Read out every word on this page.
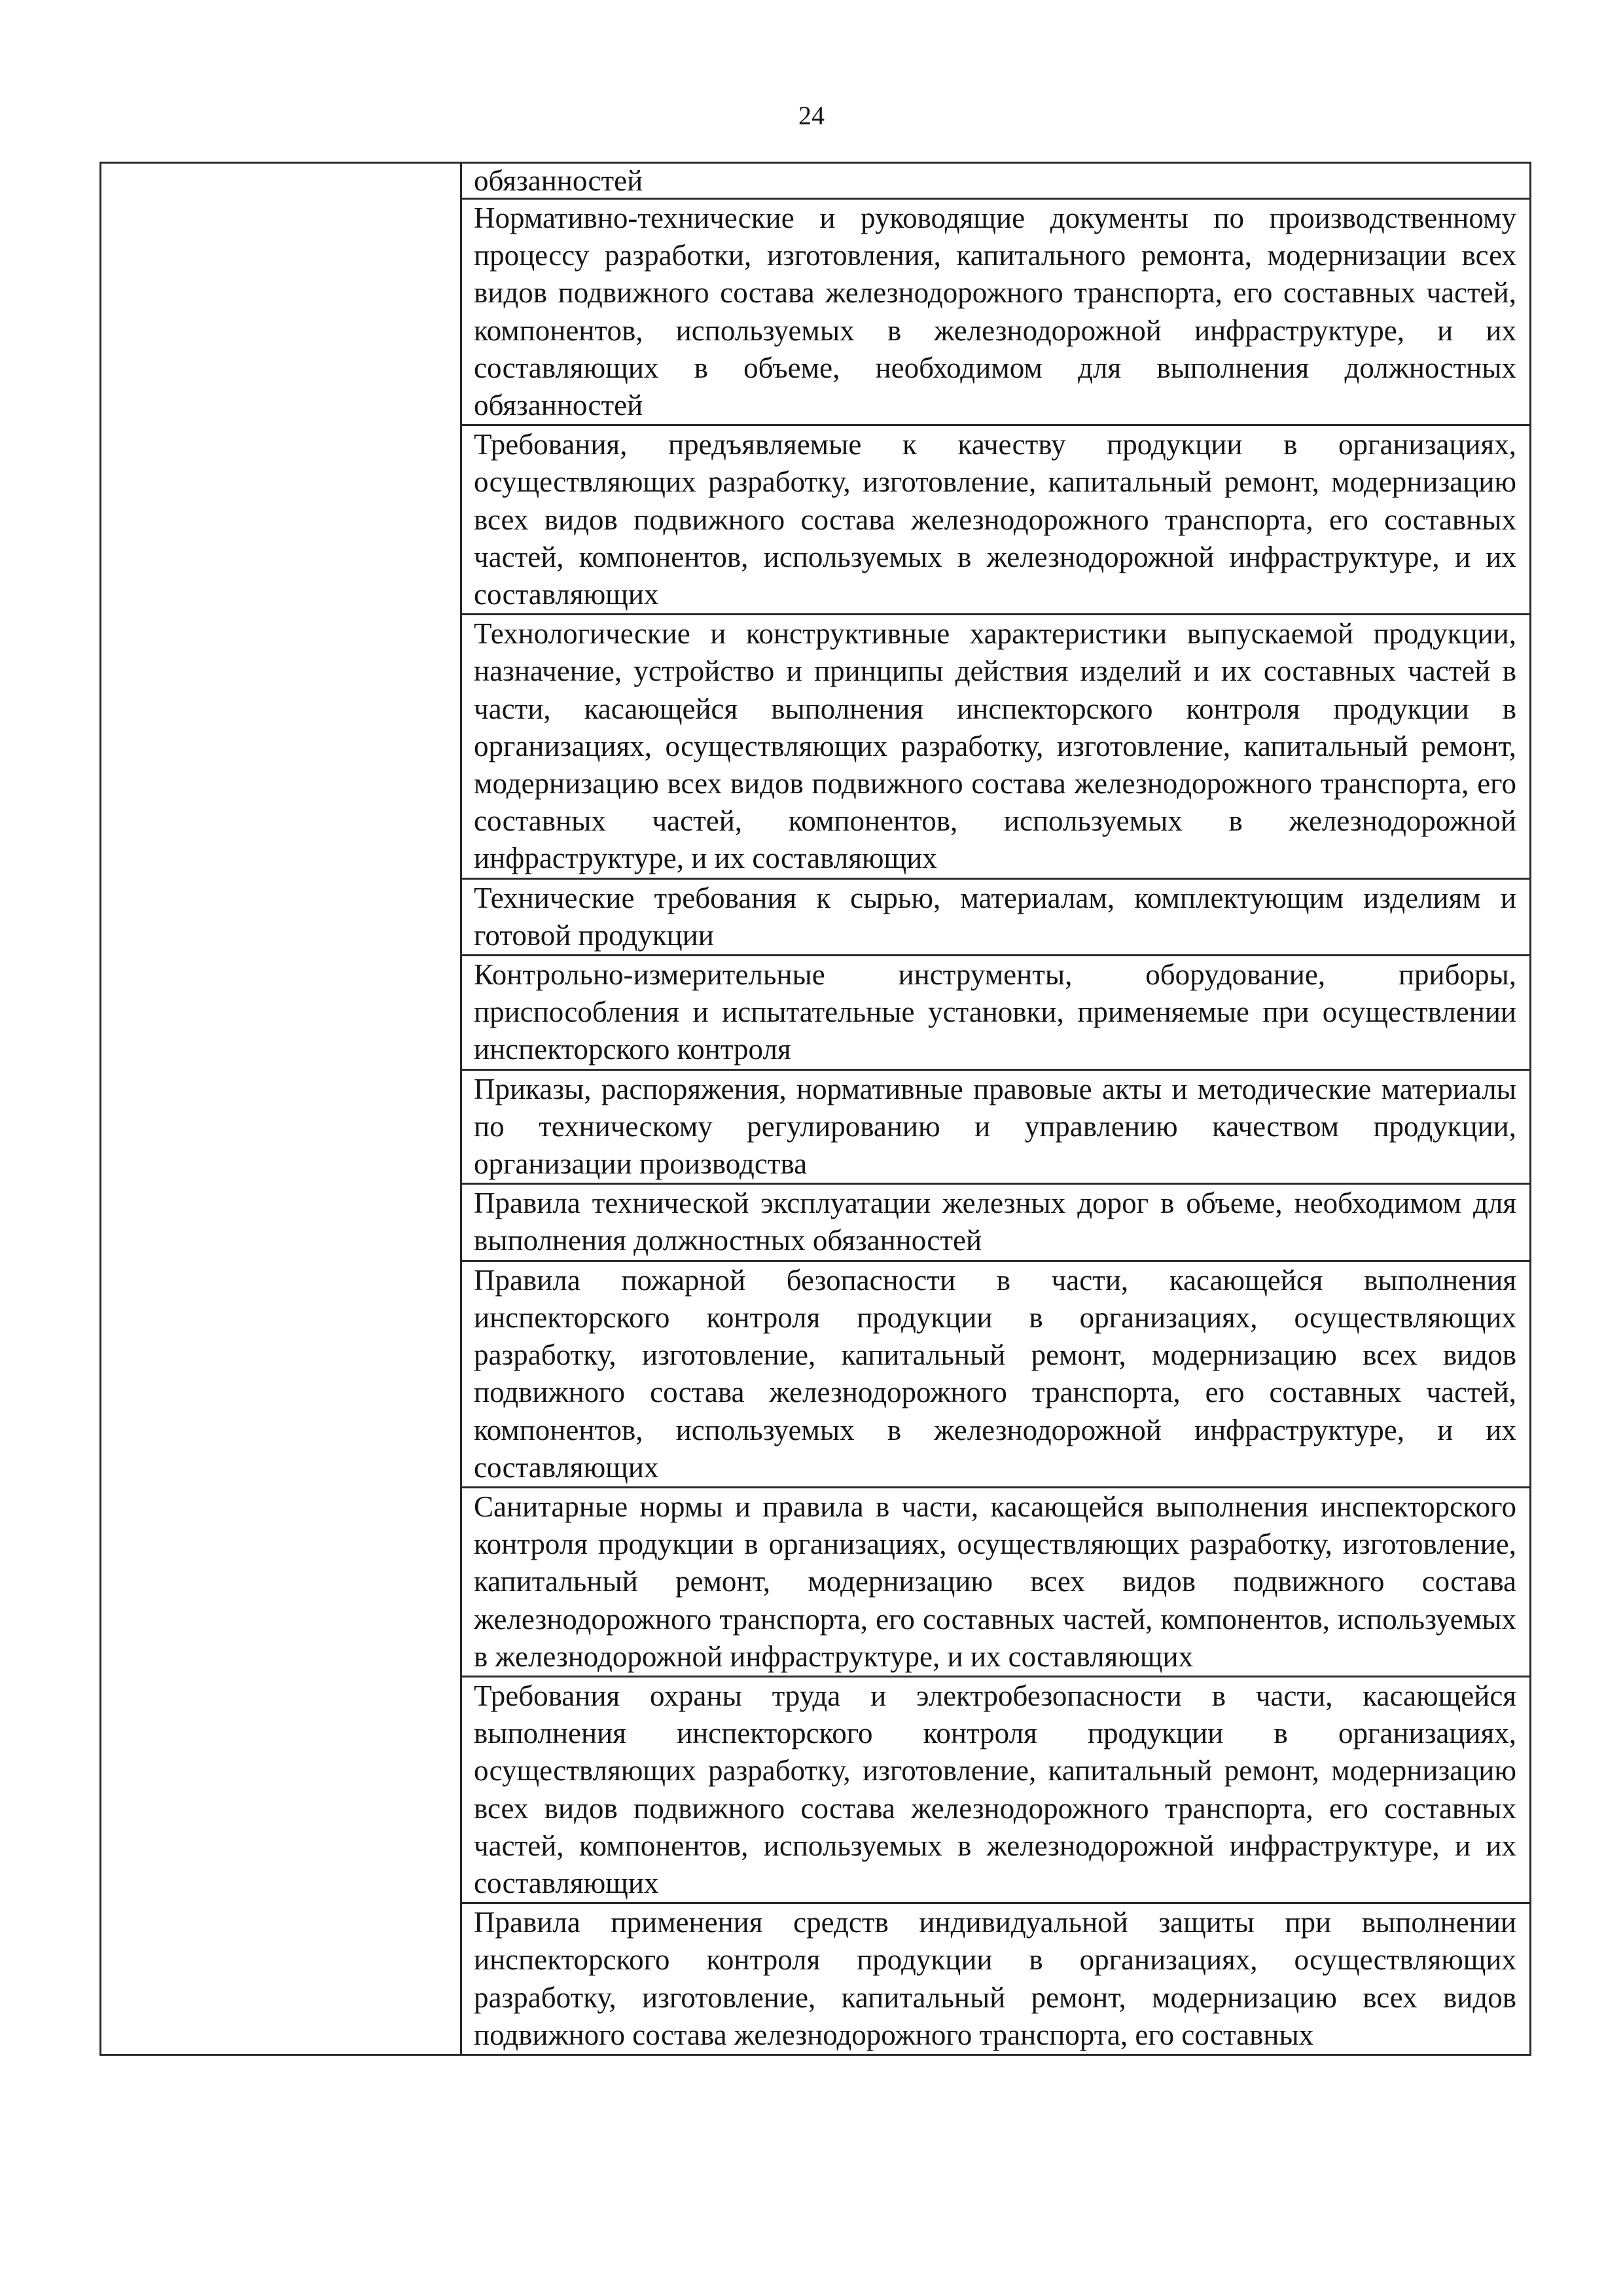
24

обязанностей

Нормативно-технические и руководящие документы по производственному процессу разработки, изготовления, капитального ремонта, модернизации всех видов подвижного состава железнодорожного транспорта, его составных частей, компонентов, используемых в железнодорожной инфраструктуре, и их составляющих в объеме, необходимом для выполнения должностных обязанностей

Требования, предъявляемые к качеству продукции в организациях, осуществляющих разработку, изготовление, капитальный ремонт, модернизацию всех видов подвижного состава железнодорожного транспорта, его составных частей, компонентов, используемых в железнодорожной инфраструктуре, и их составляющих

Технологические и конструктивные характеристики выпускаемой продукции, назначение, устройство и принципы действия изделий и их составных частей в части, касающейся выполнения инспекторского контроля продукции в организациях, осуществляющих разработку, изготовление, капитальный ремонт, модернизацию всех видов подвижного состава железнодорожного транспорта, его составных частей, компонентов, используемых в железнодорожной инфраструктуре, и их составляющих

Технические требования к сырью, материалам, комплектующим изделиям и готовой продукции

Контрольно-измерительные инструменты, оборудование, приборы, приспособления и испытательные установки, применяемые при осуществлении инспекторского контроля

Приказы, распоряжения, нормативные правовые акты и методические материалы по техническому регулированию и управлению качеством продукции, организации производства

Правила технической эксплуатации железных дорог в объеме, необходимом для выполнения должностных обязанностей

Правила пожарной безопасности в части, касающейся выполнения инспекторского контроля продукции в организациях, осуществляющих разработку, изготовление, капитальный ремонт, модернизацию всех видов подвижного состава железнодорожного транспорта, его составных частей, компонентов, используемых в железнодорожной инфраструктуре, и их составляющих

Санитарные нормы и правила в части, касающейся выполнения инспекторского контроля продукции в организациях, осуществляющих разработку, изготовление, капитальный ремонт, модернизацию всех видов подвижного состава железнодорожного транспорта, его составных частей, компонентов, используемых в железнодорожной инфраструктуре, и их составляющих

Требования охраны труда и электробезопасности в части, касающейся выполнения инспекторского контроля продукции в организациях, осуществляющих разработку, изготовление, капитальный ремонт, модернизацию всех видов подвижного состава железнодорожного транспорта, его составных частей, компонентов, используемых в железнодорожной инфраструктуре, и их составляющих

Правила применения средств индивидуальной защиты при выполнении инспекторского контроля продукции в организациях, осуществляющих разработку, изготовление, капитальный ремонт, модернизацию всех видов подвижного состава железнодорожного транспорта, его составных
